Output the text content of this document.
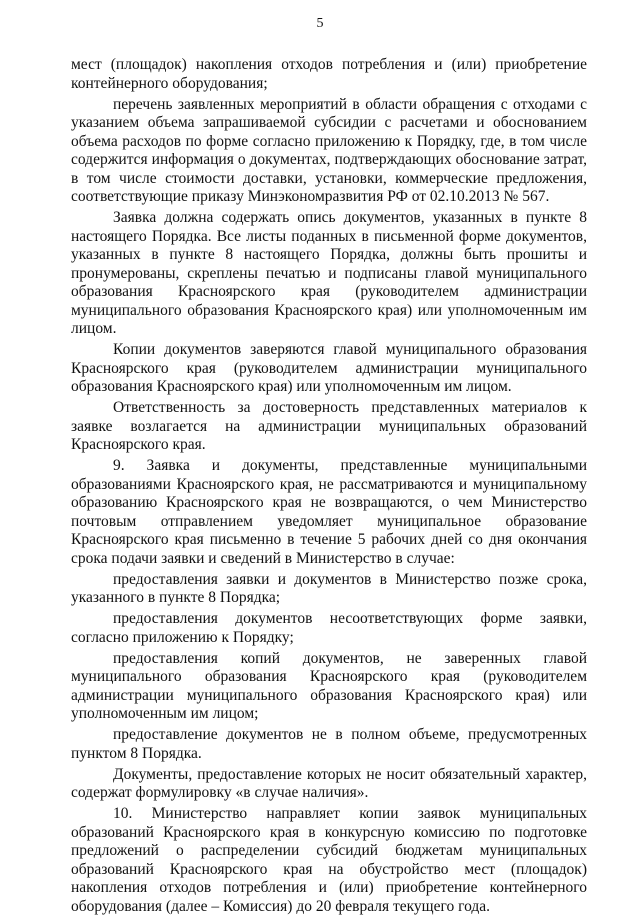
5

мест (площадок) накопления отходов потребления и (или) приобретение контейнерного оборудования;

перечень заявленных мероприятий в области обращения с отходами с указанием объема запрашиваемой субсидии с расчетами и обоснованием объема расходов по форме согласно приложению к Порядку, где, в том числе содержится информация о документах, подтверждающих обоснование затрат, в том числе стоимости доставки, установки, коммерческие предложения, соответствующие приказу Минэкономразвития РФ от 02.10.2013 № 567.

Заявка должна содержать опись документов, указанных в пункте 8 настоящего Порядка. Все листы поданных в письменной форме документов, указанных в пункте 8 настоящего Порядка, должны быть прошиты и пронумерованы, скреплены печатью и подписаны главой муниципального образования Красноярского края (руководителем администрации муниципального образования Красноярского края) или уполномоченным им лицом.

Копии документов заверяются главой муниципального образования Красноярского края (руководителем администрации муниципального образования Красноярского края) или уполномоченным им лицом.

Ответственность за достоверность представленных материалов к заявке возлагается на администрации муниципальных образований Красноярского края.

9. Заявка и документы, представленные муниципальными образованиями Красноярского края, не рассматриваются и муниципальному образованию Красноярского края не возвращаются, о чем Министерство почтовым отправлением уведомляет муниципальное образование Красноярского края письменно в течение 5 рабочих дней со дня окончания срока подачи заявки и сведений в Министерство в случае:

предоставления заявки и документов в Министерство позже срока, указанного в пункте 8 Порядка;

предоставления документов несоответствующих форме заявки, согласно приложению к Порядку;

предоставления копий документов, не заверенных главой муниципального образования Красноярского края (руководителем администрации муниципального образования Красноярского края) или уполномоченным им лицом;

предоставление документов не в полном объеме, предусмотренных пунктом 8 Порядка.

Документы, предоставление которых не носит обязательный характер, содержат формулировку «в случае наличия».

10. Министерство направляет копии заявок муниципальных образований Красноярского края в конкурсную комиссию по подготовке предложений о распределении субсидий бюджетам муниципальных образований Красноярского края на обустройство мест (площадок) накопления отходов потребления и (или) приобретение контейнерного оборудования (далее – Комиссия) до 20 февраля текущего года.
